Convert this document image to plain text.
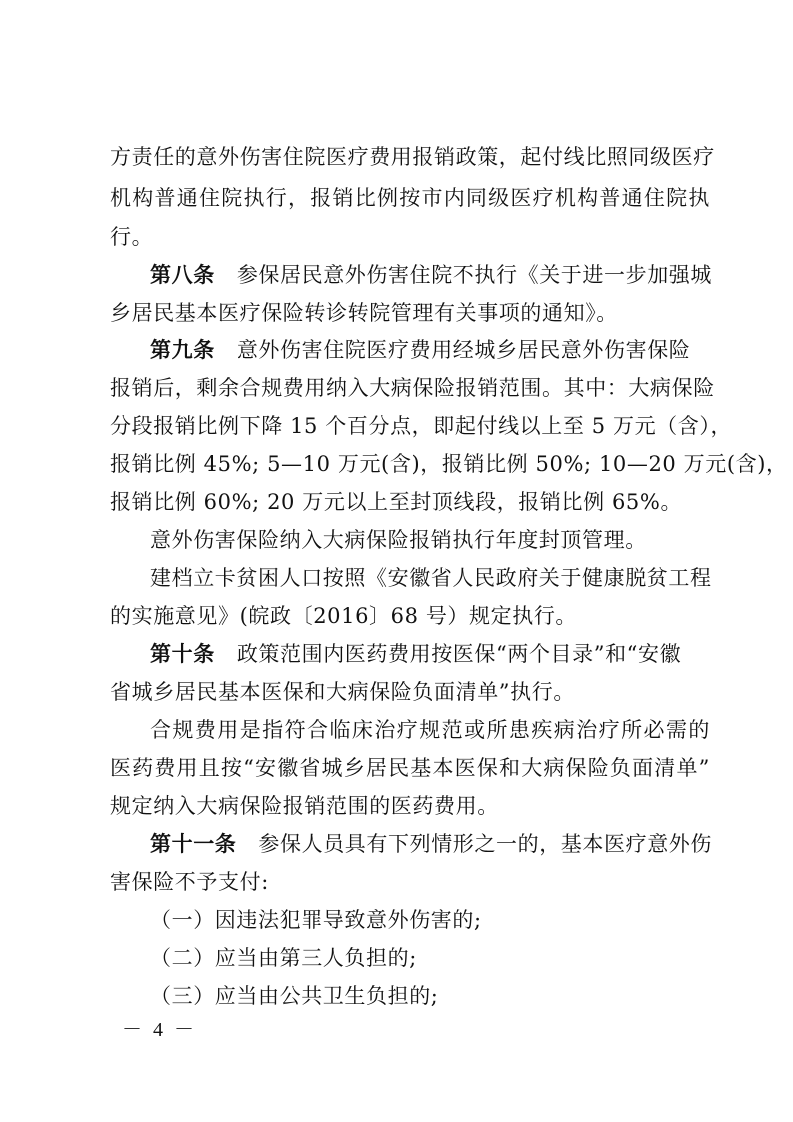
方责任的意外伤害住院医疗费用报销政策，起付线比照同级医疗
机构普通住院执行，报销比例按市内同级医疗机构普通住院执
行。
第八条 参保居民意外伤害住院不执行《关于进一步加强城
乡居民基本医疗保险转诊转院管理有关事项的通知》。
第九条 意外伤害住院医疗费用经城乡居民意外伤害保险
报销后，剩余合规费用纳入大病保险报销范围。其中：大病保险
分段报销比例下降 15 个百分点，即起付线以上至 5 万元（含），
报销比例 45%; 5—10 万元(含)，报销比例 50%; 10—20 万元(含)，
报销比例 60%; 20 万元以上至封顶线段，报销比例 65%。
意外伤害保险纳入大病保险报销执行年度封顶管理。
建档立卡贫困人口按照《安徽省人民政府关于健康脱贫工程
的实施意见》(皖政〔2016〕68 号）规定执行。
第十条 政策范围内医药费用按医保“两个目录”和“安徽
省城乡居民基本医保和大病保险负面清单”执行。
合规费用是指符合临床治疗规范或所患疾病治疗所必需的
医药费用且按“安徽省城乡居民基本医保和大病保险负面清单”
规定纳入大病保险报销范围的医药费用。
第十一条 参保人员具有下列情形之一的，基本医疗意外伤
害保险不予支付:
（一）因违法犯罪导致意外伤害的;
（二）应当由第三人负担的;
（三）应当由公共卫生负担的;
－ 4 －
